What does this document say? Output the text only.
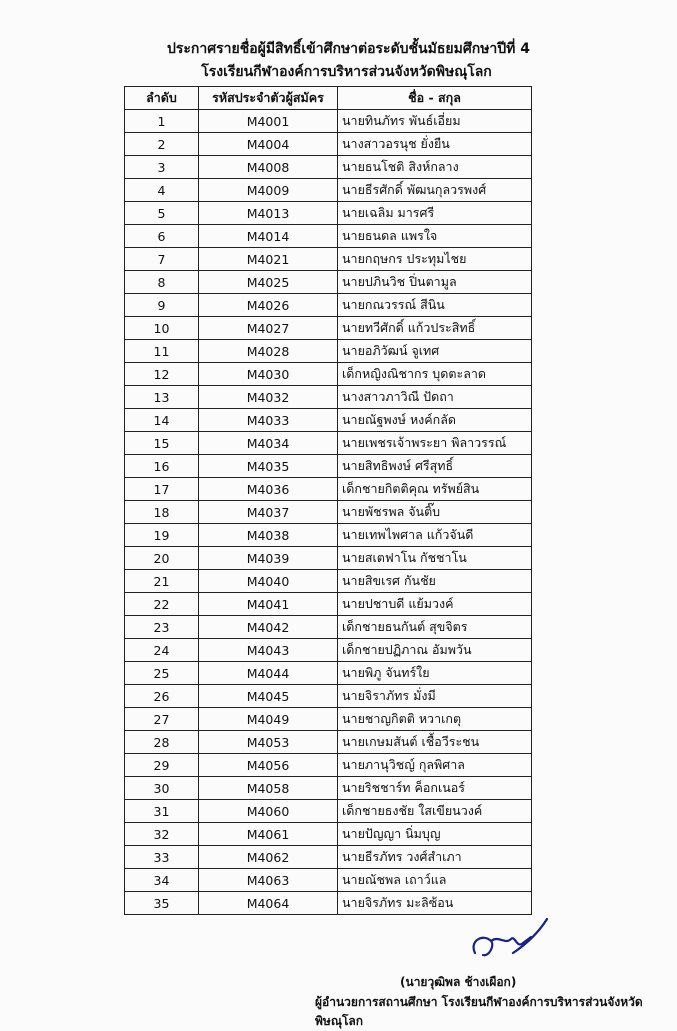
ประกาศรายชื่อผู้มีสิทธิ์เข้าศึกษาต่อระดับชั้นมัธยมศึกษาปีที่ 4
โรงเรียนกีฬาองค์การบริหารส่วนจังหวัดพิษณุโลก
ลำดับ	รหัสประจำตัวผู้สมัคร	ชื่อ - สกุล
1	M4001	นายทินภัทร พันธ์เอี่ยม
2	M4004	นางสาวอรนุช ยั่งยืน
3	M4008	นายธนโชติ สิงห์กลาง
4	M4009	นายธีรศักดิ์ พัฒนกุลวรพงศ์
5	M4013	นายเฉลิม มารศรี
6	M4014	นายธนดล แพรใจ
7	M4021	นายกฤษกร ประทุมไชย
8	M4025	นายปภินวิช ปิ่นตามูล
9	M4026	นายกณวรรณ์ สีนิน
10	M4027	นายทวีศักดิ์ แก้วประสิทธิ์
11	M4028	นายอภิวัฒน์ จูเทศ
12	M4030	เด็กหญิงณิชากร บุดตะลาด
13	M4032	นางสาวภาวิณี ปัดถา
14	M4033	นายณัฐพงษ์ หงค์กลัด
15	M4034	นายเพชรเจ้าพระยา พิลาวรรณ์
16	M4035	นายสิทธิพงษ์ ศรีสุทธิ์
17	M4036	เด็กชายกิตติคุณ ทรัพย์สิน
18	M4037	นายพัชรพล จันติ๊บ
19	M4038	นายเทพไพศาล แก้วจันดี
20	M4039	นายสเตฟาโน กัชชาโน
21	M4040	นายสิขเรศ กันชัย
22	M4041	นายปชาบดี แย้มวงค์
23	M4042	เด็กชายธนกันต์ สุขจิตร
24	M4043	เด็กชายปฏิภาณ อัมพวัน
25	M4044	นายพิภู จันทร์ใย
26	M4045	นายจิราภัทร มั่งมี
27	M4049	นายชาญกิตติ หวาเกตุ
28	M4053	นายเกษมสันต์ เชื้อวีระชน
29	M4056	นายภานุวิชญ์ กุลพิศาล
30	M4058	นายริชชาร์ท ค็อกเนอร์
31	M4060	เด็กชายธงชัย ใสเขียนวงค์
32	M4061	นายปัญญา นิ่มบุญ
33	M4062	นายธีรภัทร วงศ์สำเภา
34	M4063	นายณัชพล เถาว์แล
35	M4064	นายจิรภัทร มะลิซ้อน
(นายวุฒิพล ช้างเผือก)
ผู้อำนวยการสถานศึกษา โรงเรียนกีฬาองค์การบริหารส่วนจังหวัดพิษณุโลก
